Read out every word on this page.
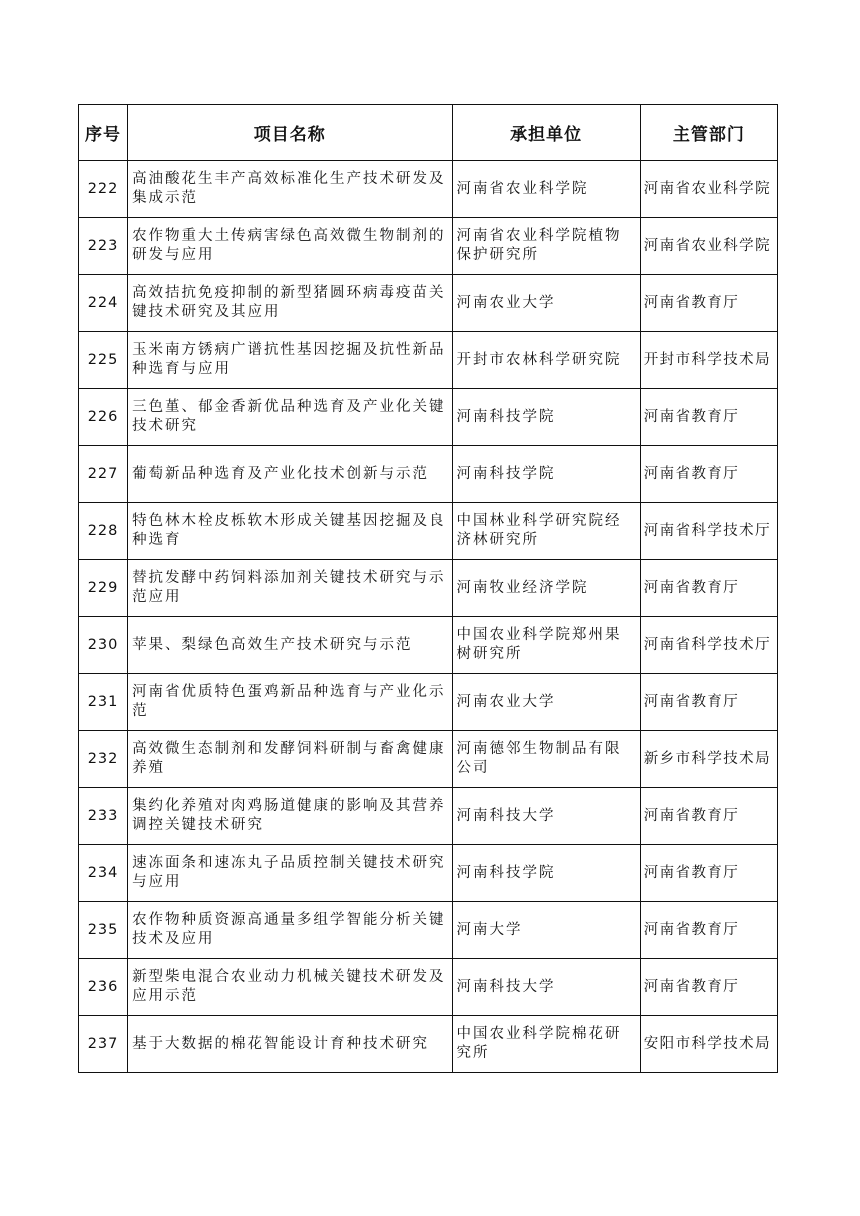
序号	项目名称	承担单位	主管部门
222	高油酸花生丰产高效标准化生产技术研发及集成示范	河南省农业科学院	河南省农业科学院
223	农作物重大土传病害绿色高效微生物制剂的研发与应用	河南省农业科学院植物保护研究所	河南省农业科学院
224	高效拮抗免疫抑制的新型猪圆环病毒疫苗关键技术研究及其应用	河南农业大学	河南省教育厅
225	玉米南方锈病广谱抗性基因挖掘及抗性新品种选育与应用	开封市农林科学研究院	开封市科学技术局
226	三色堇、郁金香新优品种选育及产业化关键技术研究	河南科技学院	河南省教育厅
227	葡萄新品种选育及产业化技术创新与示范	河南科技学院	河南省教育厅
228	特色林木栓皮栎软木形成关键基因挖掘及良种选育	中国林业科学研究院经济林研究所	河南省科学技术厅
229	替抗发酵中药饲料添加剂关键技术研究与示范应用	河南牧业经济学院	河南省教育厅
230	苹果、梨绿色高效生产技术研究与示范	中国农业科学院郑州果树研究所	河南省科学技术厅
231	河南省优质特色蛋鸡新品种选育与产业化示范	河南农业大学	河南省教育厅
232	高效微生态制剂和发酵饲料研制与畜禽健康养殖	河南德邻生物制品有限公司	新乡市科学技术局
233	集约化养殖对肉鸡肠道健康的影响及其营养调控关键技术研究	河南科技大学	河南省教育厅
234	速冻面条和速冻丸子品质控制关键技术研究与应用	河南科技学院	河南省教育厅
235	农作物种质资源高通量多组学智能分析关键技术及应用	河南大学	河南省教育厅
236	新型柴电混合农业动力机械关键技术研发及应用示范	河南科技大学	河南省教育厅
237	基于大数据的棉花智能设计育种技术研究	中国农业科学院棉花研究所	安阳市科学技术局
